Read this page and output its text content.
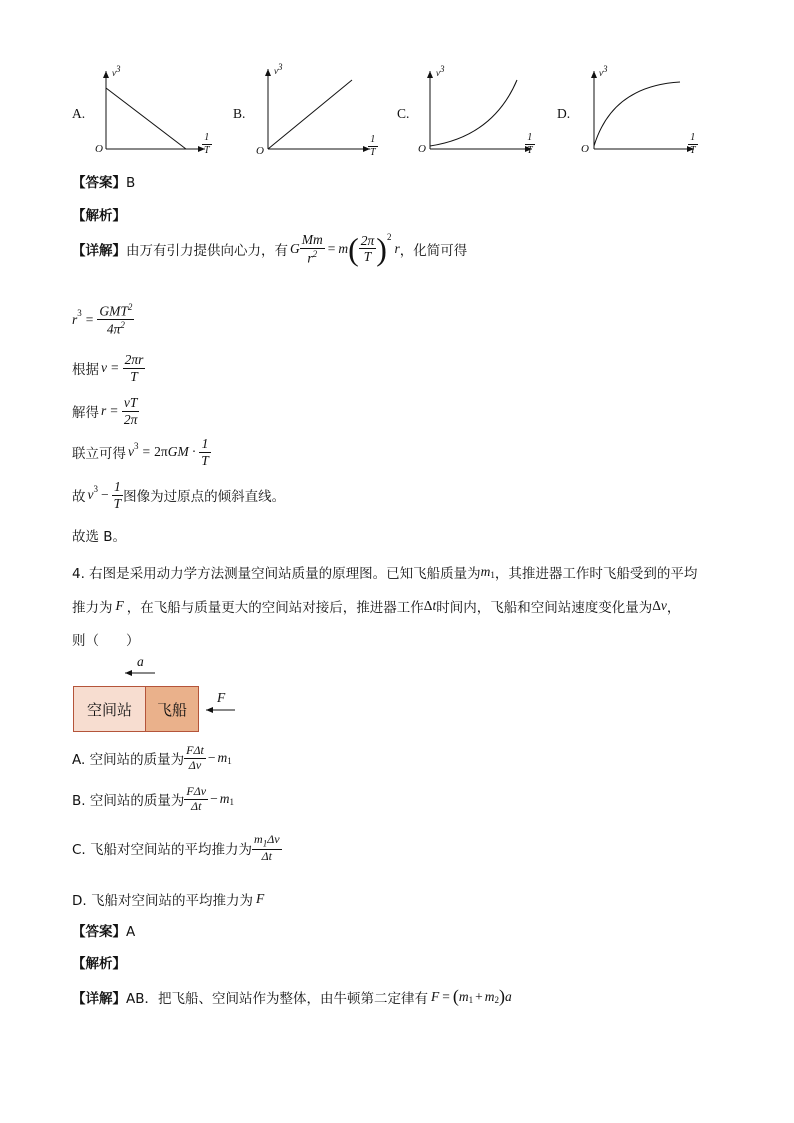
A.	B.	C.	D.
$v^3$	$v^3$
$v^3$	$v^3$
O	O	O	O
$\frac{1}{T}$	$\frac{1}{T}$	$\frac{1}{T}$	$\frac{1}{T}$
【答案】B
【解析】
【详解】 由万有引力提供向心力，有 G $\frac{Mm}{r^2} = m$ ( $\frac{2\pi}{T}$ ) 2
r ，化简可得
$r^3 = \frac{GMT^2}{4\pi^2}$
根据 $v = \frac{2\pi r}{T}$
解得 $r = \frac{vT}{2\pi}$
联立可得 $v^3 = 2\pi$ GM · $\frac{1}{T}$
故 $v^3 - \frac{1}{T}$ 图像为过原点的倾斜直线。
故选 B。
4. 右图是采用动力学方法测量空间站质量的原理图。已知飞船质量为 $m_1$ ，其推进器工作时飞船受到的平均
推力为 F ，在飞船与质量更大的空间站对接后，推进器工作 Δ t 时间内，飞船和空间站速度变化量为 Δ v ，
则（　　）
a
F
空间站	飞船
A. 空间站的质量为 $\frac{\text{FΔt}}{\Delta v} - m_1$
B. 空间站的质量为 $\frac{\text{FΔv}}{\Delta t} - m_1$
C. 飞船对空间站的平均推力为 $\frac{m_1\Delta v}{\Delta t}$
D. 飞船对空间站的平均推力为 F
【答案】A
【解析】
【详解】 AB．把飞船、空间站作为整体，由牛顿第二定律有 F = ( $m_1 + m_2$ ) a
